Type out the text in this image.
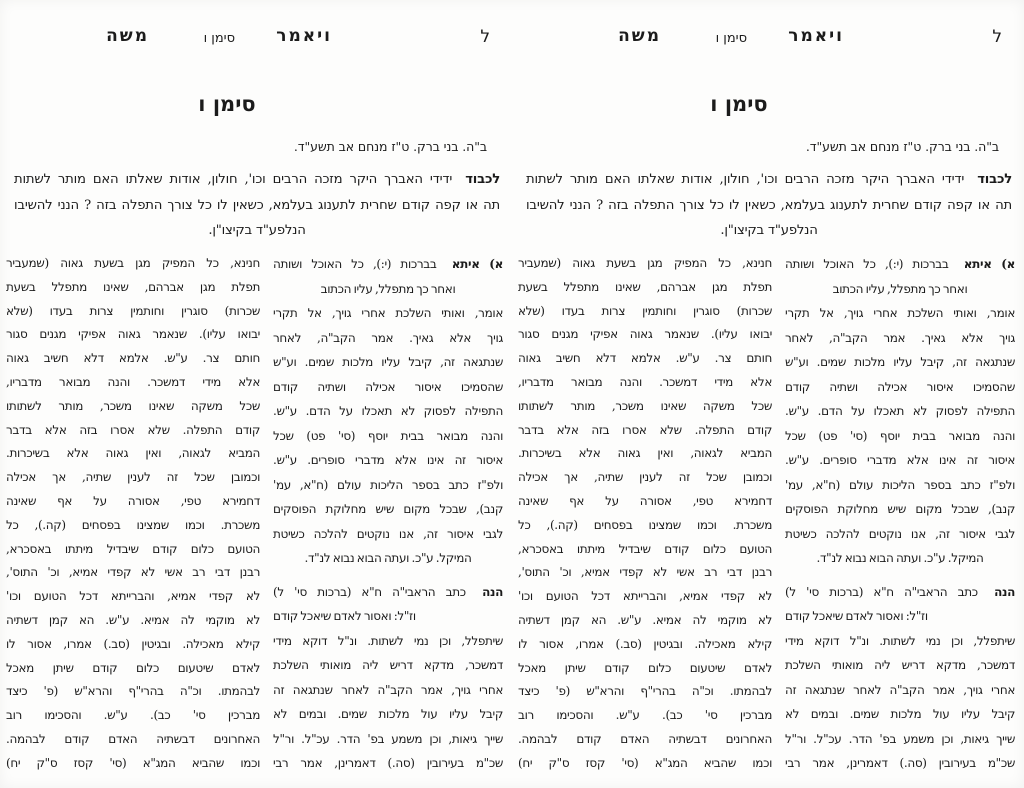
ל
ויאמר
סימן ו
משה
סימן ו
ב"ה. בני ברק. ט"ז מנחם אב תשע"ד.
לכבוד ידידי האברך היקר מזכה הרבים וכו', חולון, אודות שאלתו האם מותר לשתות
תה או קפה קודם שחרית לתענוג בעלמא, כשאין לו כל צורך התפלה בזה ? הנני להשיבו
הנלפע"ד בקיצו"ן.
א) איתא בברכות (י:), כל האוכל ושותה
ואחר כך מתפלל, עליו הכתוב
אומר, ואותי השלכת אחרי גויך, אל תקרי
גויך אלא גאיך. אמר הקב"ה, לאחר
שנתגאה זה, קיבל עליו מלכות שמים. וע"ש
שהסמיכו איסור אכילה ושתיה קודם
התפילה לפסוק לא תאכלו על הדם. ע"ש.
והנה מבואר בבית יוסף (סי' פט) שכל
איסור זה אינו אלא מדברי סופרים. ע"ש.
ולפ"ז כתב בספר הליכות עולם (ח"א, עמ'
קנב), שבכל מקום שיש מחלוקת הפוסקים
לגבי איסור זה, אנו נוקטים להלכה כשיטת
המיקל. ע"כ. ועתה הבוא נבוא לנ"ד.
הנה כתב הראבי"ה ח"א (ברכות סי' ל)
וז"ל: ואסור לאדם שיאכל קודם
שיתפלל, וכן נמי לשתות. ונ"ל דוקא מידי
דמשכר, מדקא דריש ליה מואותי השלכת
אחרי גויך, אמר הקב"ה לאחר שנתגאה זה
קיבל עליו עול מלכות שמים. ובמים לא
שייך גיאות, וכן משמע בפ' הדר. עכ"ל. ור"ל
שכ"מ בעירובין (סה.) דאמרינן, אמר רבי
חנינא, כל המפיק מגן בשעת גאוה (שמעביר
תפלת מגן אברהם, שאינו מתפלל בשעת
שכרות) סוגרין וחותמין צרות בעדו (שלא
יבואו עליו). שנאמר גאוה אפיקי מגנים סגור
חותם צר. ע"ש. אלמא דלא חשיב גאוה
אלא מידי דמשכר. והנה מבואר מדבריו,
שכל משקה שאינו משכר, מותר לשתותו
קודם התפלה. שלא אסרו בזה אלא בדבר
המביא לגאוה, ואין גאוה אלא בשיכרות.
וכמובן שכל זה לענין שתיה, אך אכילה
דחמירא טפי, אסורה על אף שאינה
משכרת. וכמו שמצינו בפסחים (קה.), כל
הטועם כלום קודם שיבדיל מיתתו באסכרא,
רבנן דבי רב אשי לא קפדי אמיא, וכ' התוס',
לא קפדי אמיא, והברייתא דכל הטועם וכו'
לא מוקמי לה אמיא. ע"ש. הא קמן דשתיה
קילא מאכילה. ובגיטין (סב.) אמרו, אסור לו
לאדם שיטעום כלום קודם שיתן מאכל
לבהמתו. וכ"ה בהרי"ף והרא"ש (פ' כיצד
מברכין סי' כב). ע"ש. והסכימו רוב
האחרונים דבשתיה האדם קודם לבהמה.
וכמו שהביא המג"א (סי' קסז ס"ק יח)
ל
ויאמר
סימן ו
משה
סימן ו
ב"ה. בני ברק. ט"ז מנחם אב תשע"ד.
לכבוד ידידי האברך היקר מזכה הרבים וכו', חולון, אודות שאלתו האם מותר לשתות
תה או קפה קודם שחרית לתענוג בעלמא, כשאין לו כל צורך התפלה בזה ? הנני להשיבו
הנלפע"ד בקיצו"ן.
א) איתא בברכות (י:), כל האוכל ושותה
ואחר כך מתפלל, עליו הכתוב
אומר, ואותי השלכת אחרי גויך, אל תקרי
גויך אלא גאיך. אמר הקב"ה, לאחר
שנתגאה זה, קיבל עליו מלכות שמים. וע"ש
שהסמיכו איסור אכילה ושתיה קודם
התפילה לפסוק לא תאכלו על הדם. ע"ש.
והנה מבואר בבית יוסף (סי' פט) שכל
איסור זה אינו אלא מדברי סופרים. ע"ש.
ולפ"ז כתב בספר הליכות עולם (ח"א, עמ'
קנב), שבכל מקום שיש מחלוקת הפוסקים
לגבי איסור זה, אנו נוקטים להלכה כשיטת
המיקל. ע"כ. ועתה הבוא נבוא לנ"ד.
הנה כתב הראבי"ה ח"א (ברכות סי' ל)
וז"ל: ואסור לאדם שיאכל קודם
שיתפלל, וכן נמי לשתות. ונ"ל דוקא מידי
דמשכר, מדקא דריש ליה מואותי השלכת
אחרי גויך, אמר הקב"ה לאחר שנתגאה זה
קיבל עליו עול מלכות שמים. ובמים לא
שייך גיאות, וכן משמע בפ' הדר. עכ"ל. ור"ל
שכ"מ בעירובין (סה.) דאמרינן, אמר רבי
חנינא, כל המפיק מגן בשעת גאוה (שמעביר
תפלת מגן אברהם, שאינו מתפלל בשעת
שכרות) סוגרין וחותמין צרות בעדו (שלא
יבואו עליו). שנאמר גאוה אפיקי מגנים סגור
חותם צר. ע"ש. אלמא דלא חשיב גאוה
אלא מידי דמשכר. והנה מבואר מדבריו,
שכל משקה שאינו משכר, מותר לשתותו
קודם התפלה. שלא אסרו בזה אלא בדבר
המביא לגאוה, ואין גאוה אלא בשיכרות.
וכמובן שכל זה לענין שתיה, אך אכילה
דחמירא טפי, אסורה על אף שאינה
משכרת. וכמו שמצינו בפסחים (קה.), כל
הטועם כלום קודם שיבדיל מיתתו באסכרא,
רבנן דבי רב אשי לא קפדי אמיא, וכ' התוס',
לא קפדי אמיא, והברייתא דכל הטועם וכו'
לא מוקמי לה אמיא. ע"ש. הא קמן דשתיה
קילא מאכילה. ובגיטין (סב.) אמרו, אסור לו
לאדם שיטעום כלום קודם שיתן מאכל
לבהמתו. וכ"ה בהרי"ף והרא"ש (פ' כיצד
מברכין סי' כב). ע"ש. והסכימו רוב
האחרונים דבשתיה האדם קודם לבהמה.
וכמו שהביא המג"א (סי' קסז ס"ק יח)
